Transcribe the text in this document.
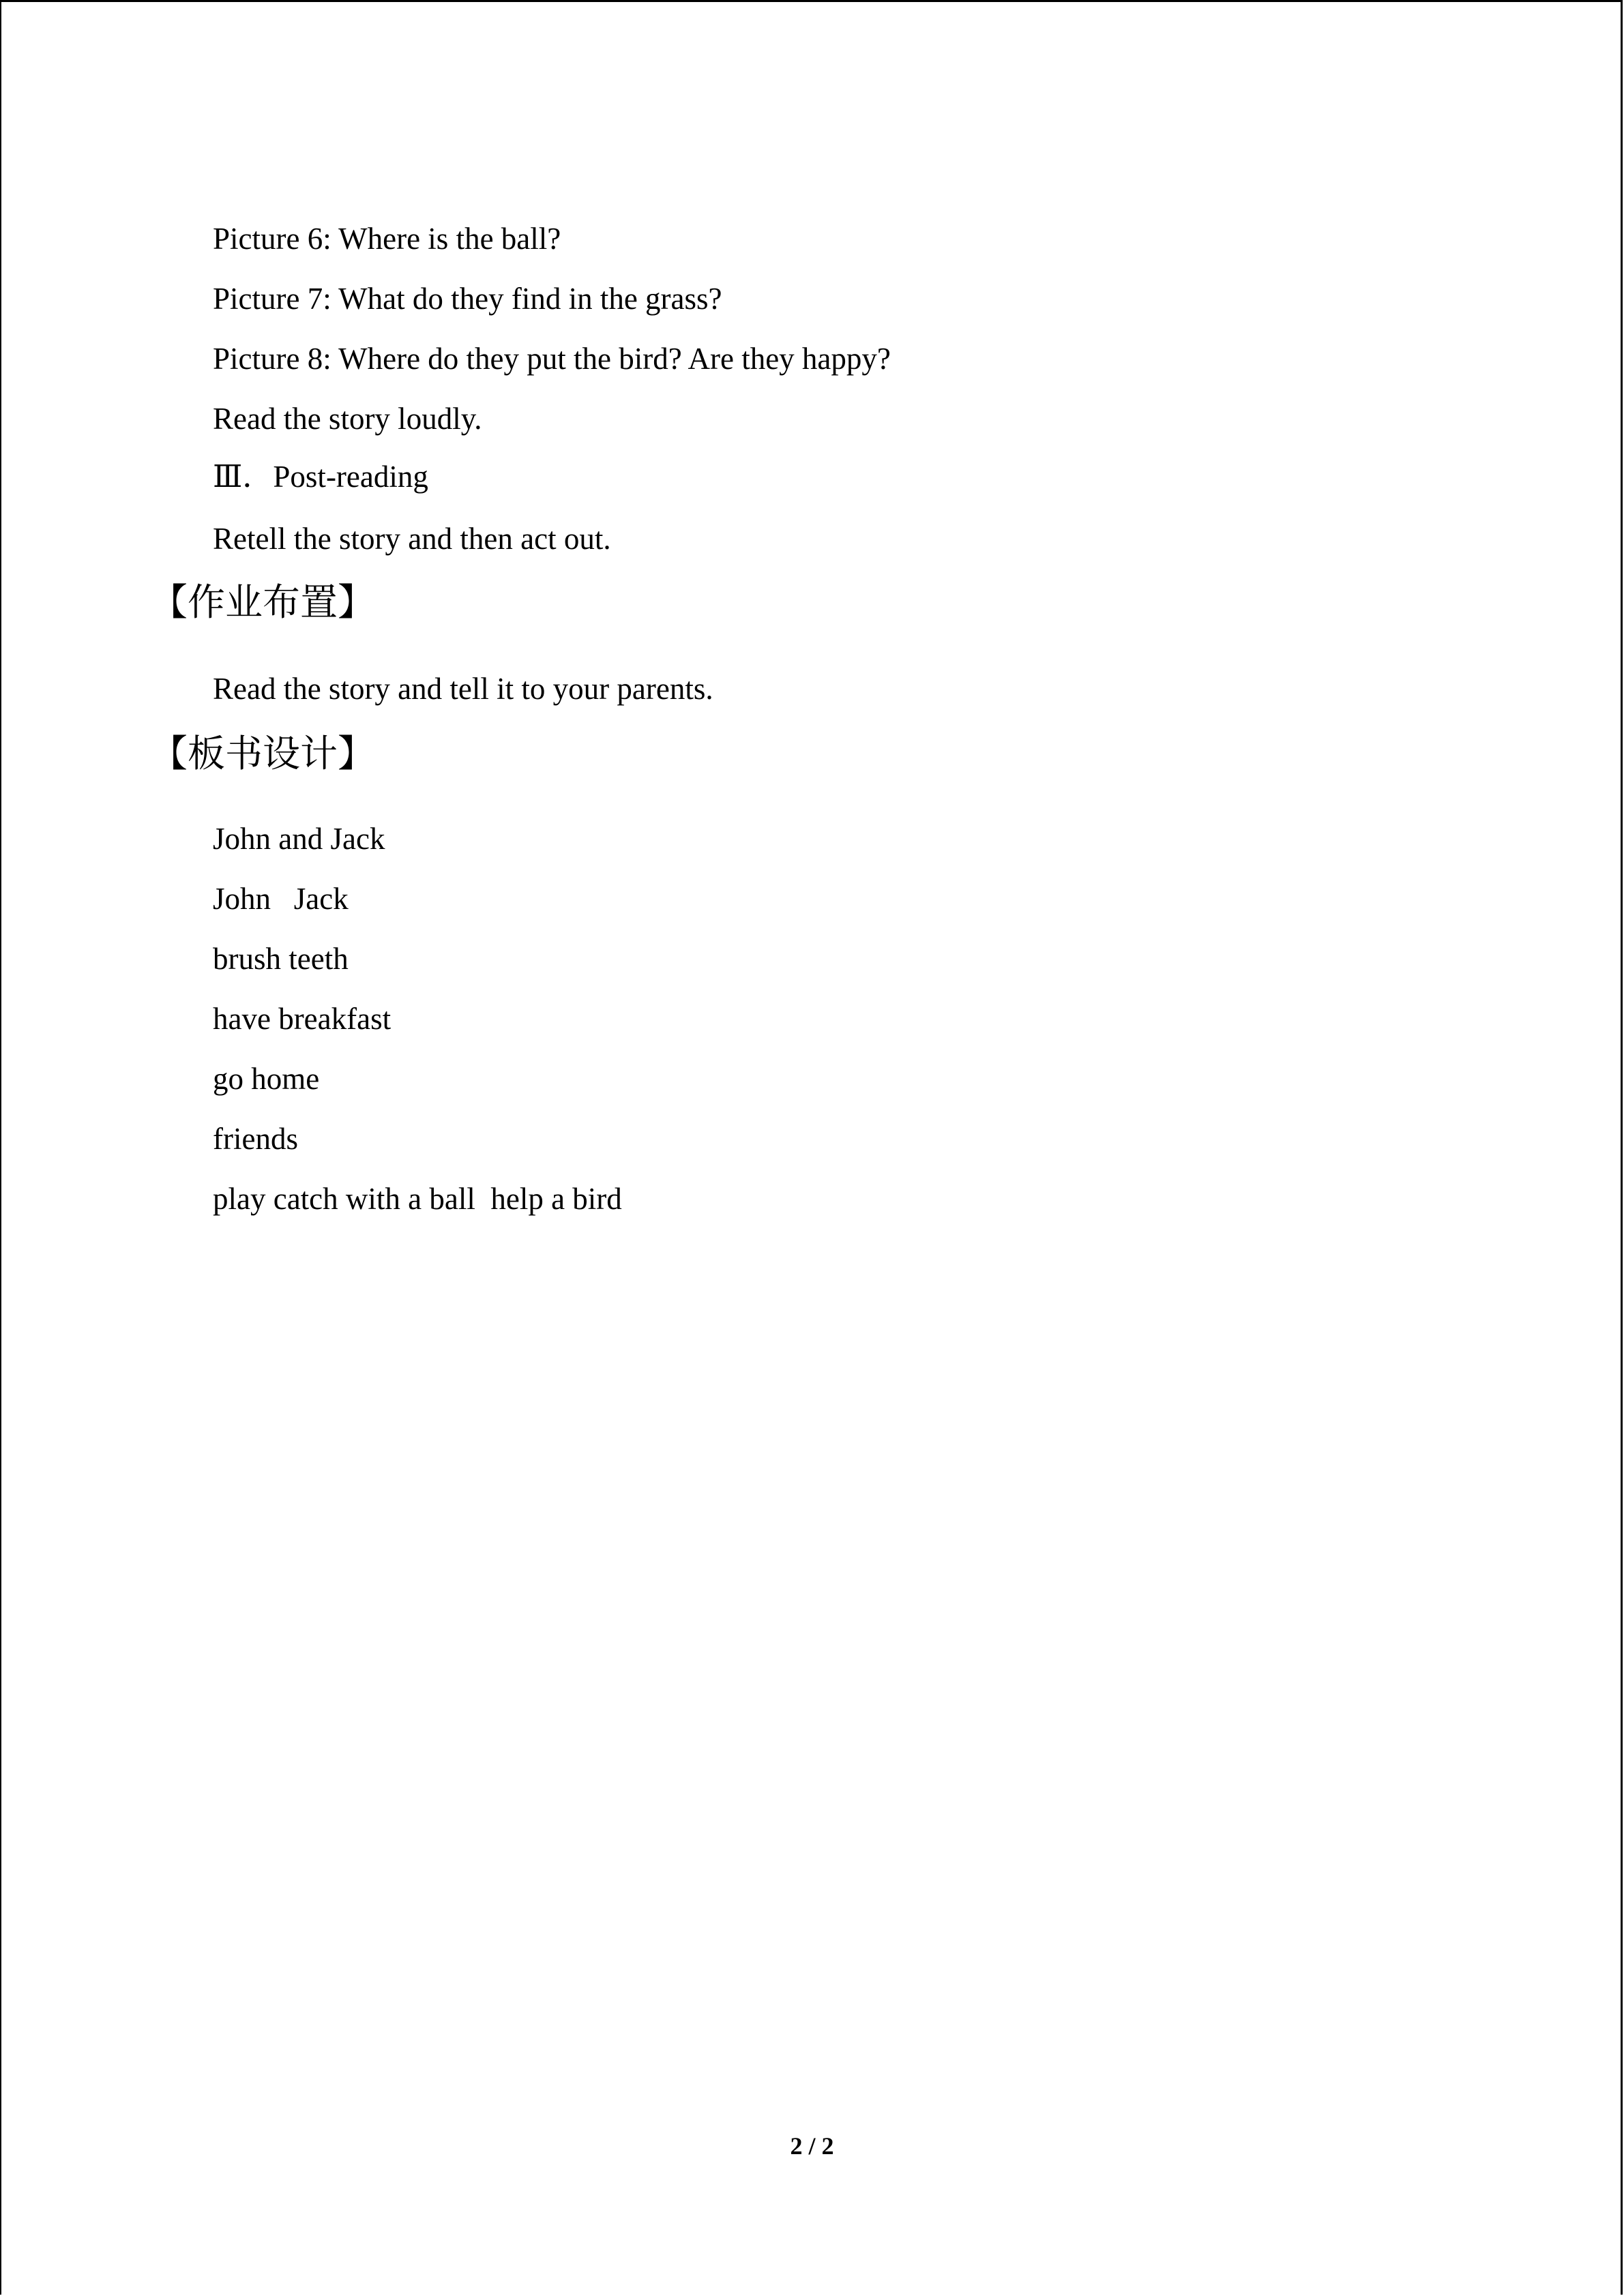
Picture 6: Where is the ball?
Picture 7: What do they find in the grass?
Picture 8: Where do they put the bird? Are they happy?
Read the story loudly.
Ⅲ．Post-reading
Retell the story and then act out.
【作业布置】
Read the story and tell it to your parents.
【板书设计】
John and Jack
John   Jack
brush teeth
have breakfast
go home
friends
play catch with a ball  help a bird
2 / 2
